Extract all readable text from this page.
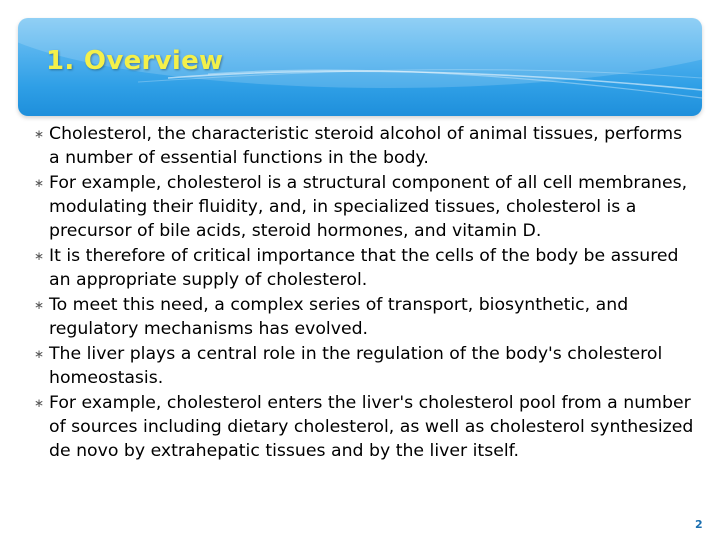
1. Overview
∗ Cholesterol, the characteristic steroid alcohol of animal tissues, performs a number of essential functions in the body.
∗ For example, cholesterol is a structural component of all cell membranes, modulating their fluidity, and, in specialized tissues, cholesterol is a precursor of bile acids, steroid hormones, and vitamin D.
∗ It is therefore of critical importance that the cells of the body be assured an appropriate supply of cholesterol.
∗ To meet this need, a complex series of transport, biosynthetic, and regulatory mechanisms has evolved.
∗ The liver plays a central role in the regulation of the body's cholesterol homeostasis.
∗ For example, cholesterol enters the liver's cholesterol pool from a number of sources including dietary cholesterol, as well as cholesterol synthesized de novo by extrahepatic tissues and by the liver itself.
2
